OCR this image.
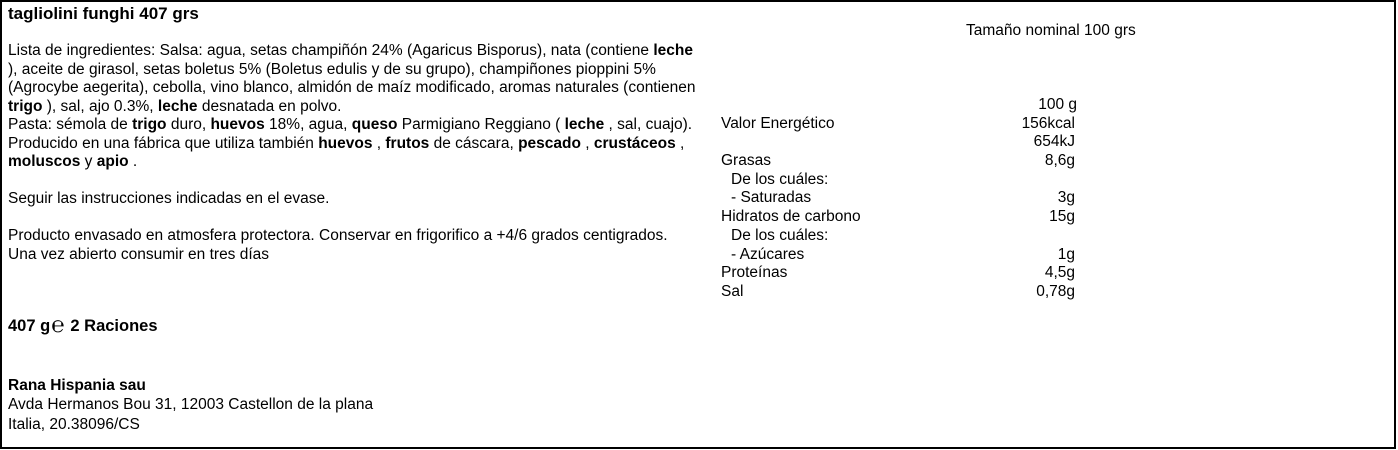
tagliolini funghi 407 grs
Tamaño nominal 100 grs

Lista de ingredientes: Salsa: agua, setas champiñón 24% (Agaricus Bisporus), nata (contiene leche ), aceite de girasol, setas boletus 5% (Boletus edulis y de su grupo), champiñones pioppini 5% (Agrocybe aegerita), cebolla, vino blanco, almidón de maíz modificado, aromas naturales (contienen trigo ), sal, ajo 0.3%, leche desnatada en polvo.

Pasta: sémola de trigo duro, huevos 18%, agua, queso Parmigiano Reggiano ( leche , sal, cuajo).

Producido en una fábrica que utiliza también huevos , frutos de cáscara, pescado , crustáceos , moluscos y apio .

Seguir las instrucciones indicadas en el evase.

Producto envasado en atmosfera protectora. Conservar en frigorifico a +4/6 grados centigrados. Una vez abierto consumir en tres días

407 g℮ 2 Raciones
Rana Hispania sau
Avda Hermanos Bou 31, 12003 Castellon de la plana
Italia, 20.38096/CS
100 g
Valor Energético	156kcal
654kJ
Grasas	8,6g
De los cuáles:
- Saturadas	3g
Hidratos de carbono	15g
De los cuáles:
- Azúcares	1g
Proteínas	4,5g
Sal	0,78g
